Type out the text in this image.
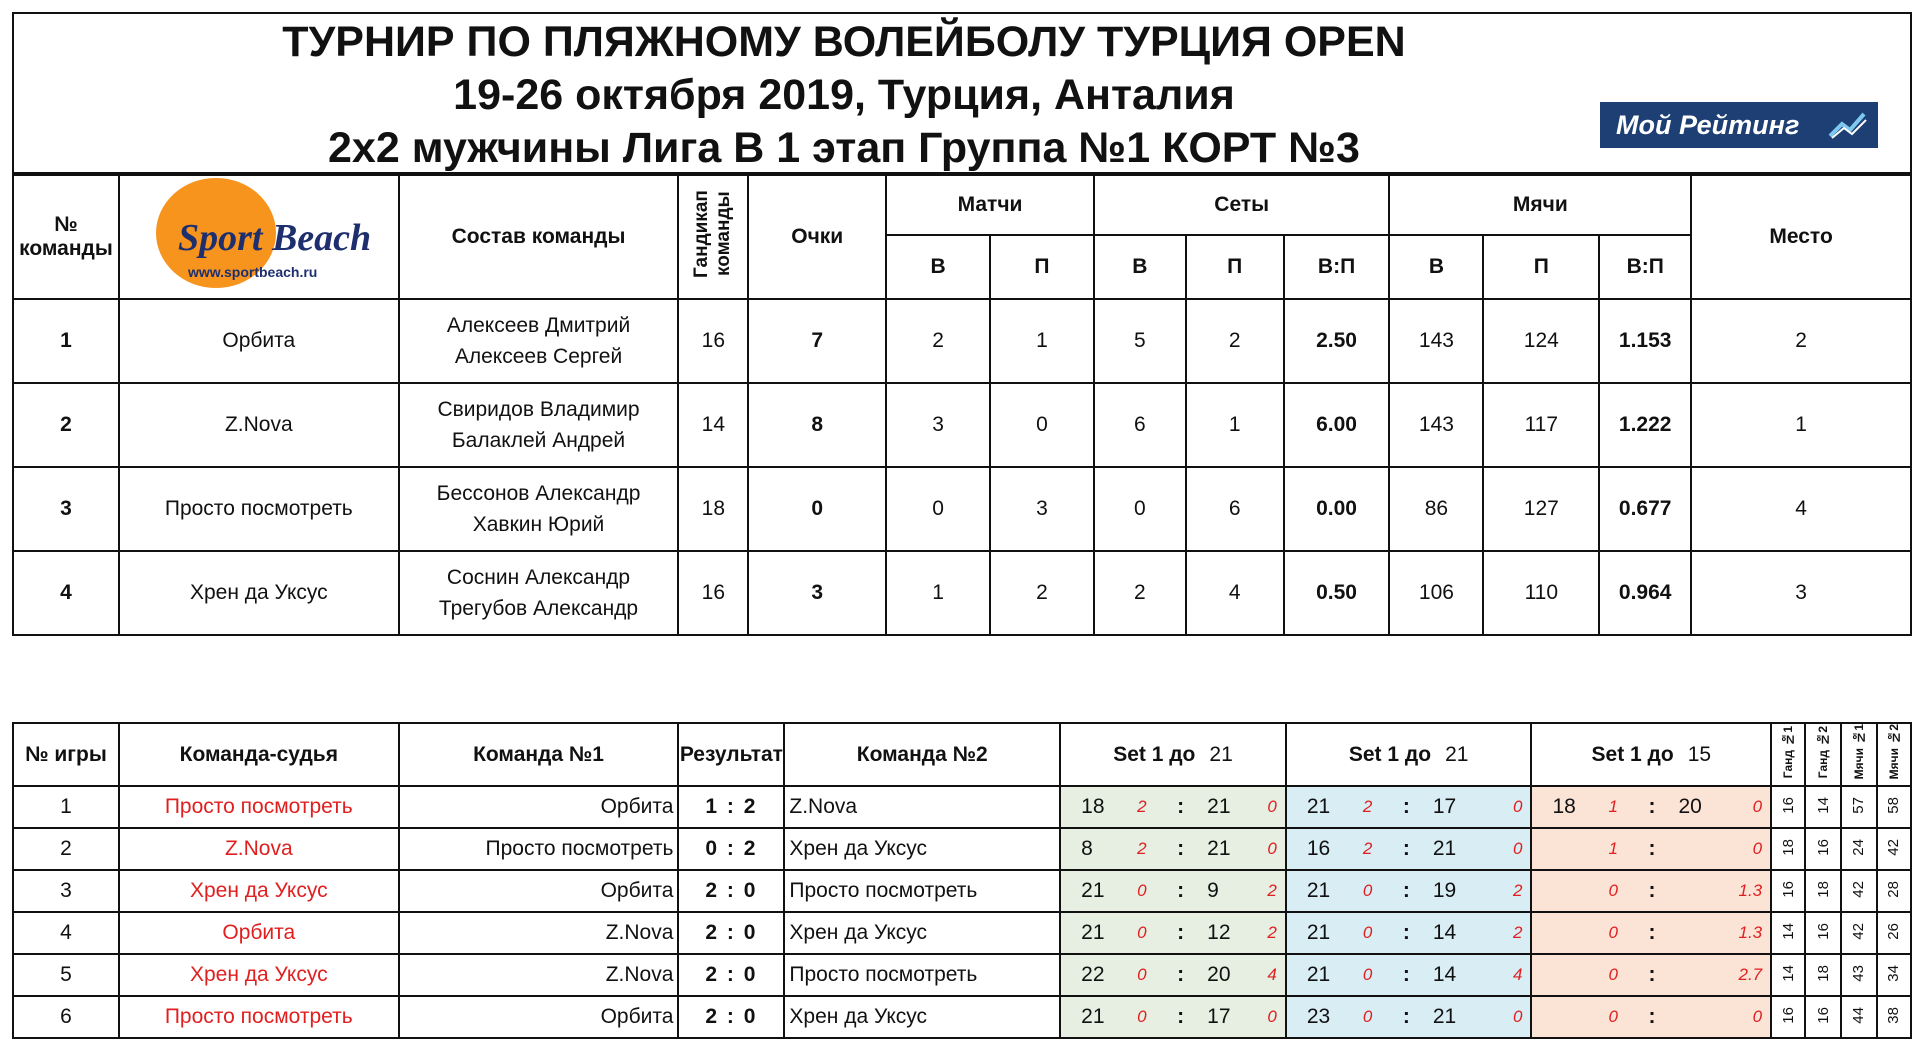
ТУРНИР ПО ПЛЯЖНОМУ ВОЛЕЙБОЛУ ТУРЦИЯ OPEN
19-26 октября 2019, Турция, Анталия
2х2 мужчины Лига В 1 этап Группа №1 КОРТ №3	Мой Рейтинг
№ команды	Sport Beach
www.sportbeach.ru	Состав команды	Гандикап команды	Очки	Матчи		Сеты			Мячи			Место
					В	П	В	П	В:П	В	П	В:П	
1	Орбита	Алексеев Дмитрий
Алексеев Сергей	16	7	2	1	5	2	2.50	143	124	1.153	2
2	Z.Nova	Свиридов Владимир
Балаклей Андрей	14	8	3	0	6	1	6.00	143	117	1.222	1
3	Просто посмотреть	Бессонов Александр
Хавкин Юрий	18	0	0	3	0	6	0.00	86	127	0.677	4
4	Хрен да Уксус	Соснин Александр
Трегубов Александр	16	3	1	2	2	4	0.50	106	110	0.964	3
№ игры	Команда-судья	Команда №1	Результат	Команда №2	Set 1 до 21	Set 1 до 21	Set 1 до 15	Ганд №1	Ганд №2	Мячи №1	Мячи №2
1	Просто посмотреть	Орбита	1 : 2	Z.Nova	18 2 : 21 0	21 2 : 17 0	18 1 : 20 0	16	14	57	58
2	Z.Nova	Просто посмотреть	0 : 2	Хрен да Уксус	8 2 : 21 0	16 2 : 21 0	1 : 0	18	16	24	42
3	Хрен да Уксус	Орбита	2 : 0	Просто посмотреть	21 0 : 9 2	21 0 : 19 2	0 : 1.3	16	18	42	28
4	Орбита	Z.Nova	2 : 0	Хрен да Уксус	21 0 : 12 2	21 0 : 14 2	0 : 1.3	14	16	42	26
5	Хрен да Уксус	Z.Nova	2 : 0	Просто посмотреть	22 0 : 20 4	21 0 : 14 4	0 : 2.7	14	18	43	34
6	Просто посмотреть	Орбита	2 : 0	Хрен да Уксус	21 0 : 17 0	23 0 : 21 0	0 : 0	16	16	44	38
